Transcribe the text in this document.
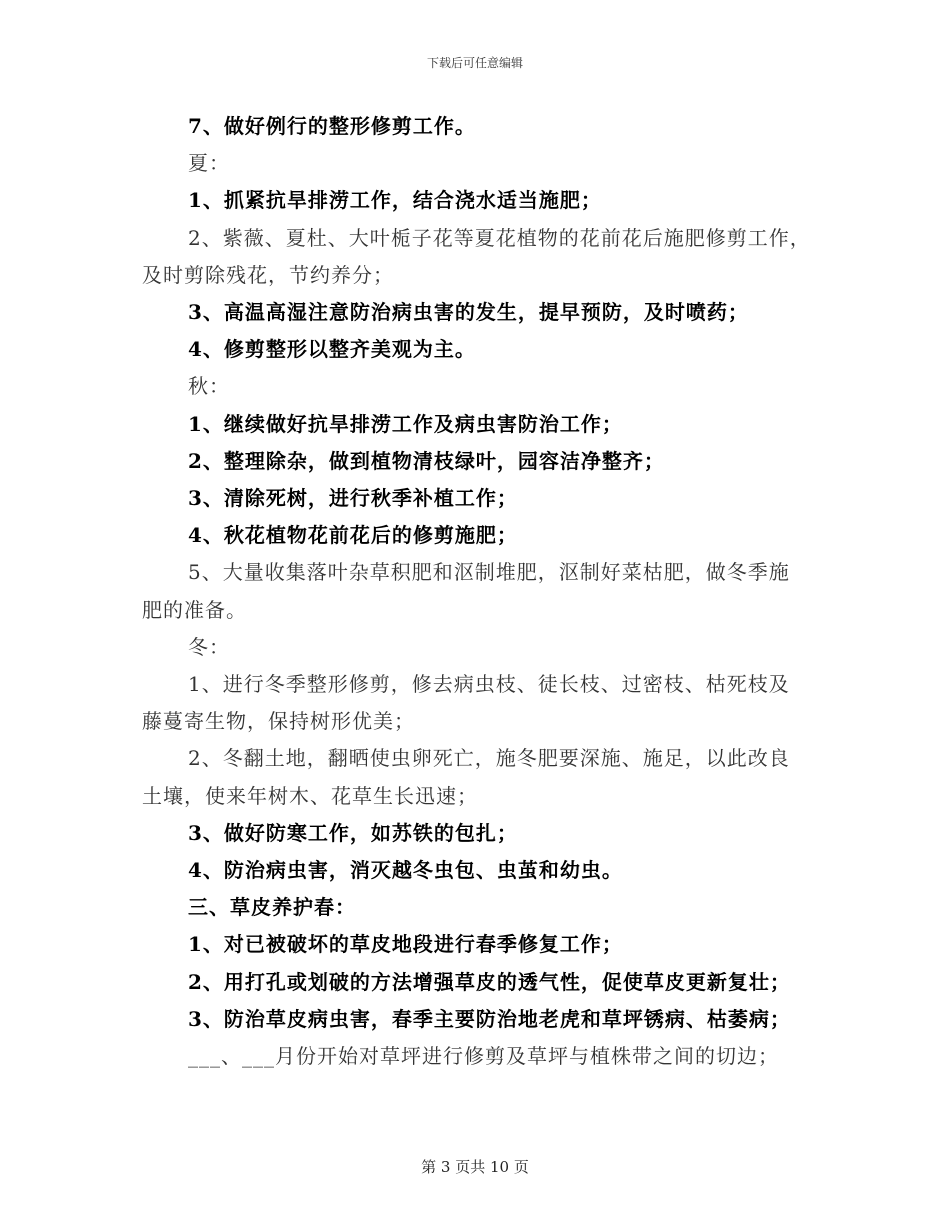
下载后可任意编辑
7、做好例行的整形修剪工作。
夏：
1、抓紧抗旱排涝工作，结合浇水适当施肥；
2、紫薇、夏杜、大叶栀子花等夏花植物的花前花后施肥修剪工作，
及时剪除残花，节约养分；
3、高温高湿注意防治病虫害的发生，提早预防，及时喷药；
4、修剪整形以整齐美观为主。
秋：
1、继续做好抗旱排涝工作及病虫害防治工作；
2、整理除杂，做到植物清枝绿叶，园容洁净整齐；
3、清除死树，进行秋季补植工作；
4、秋花植物花前花后的修剪施肥；
5、大量收集落叶杂草积肥和沤制堆肥，沤制好菜枯肥，做冬季施
肥的准备。
冬：
1、进行冬季整形修剪，修去病虫枝、徒长枝、过密枝、枯死枝及
藤蔓寄生物，保持树形优美；
2、冬翻土地，翻晒使虫卵死亡，施冬肥要深施、施足，以此改良
土壤，使来年树木、花草生长迅速；
3、做好防寒工作，如苏铁的包扎；
4、防治病虫害，消灭越冬虫包、虫茧和幼虫。
三、草皮养护春：
1、对已被破坏的草皮地段进行春季修复工作；
2、用打孔或划破的方法增强草皮的透气性，促使草皮更新复壮；
3、防治草皮病虫害，春季主要防治地老虎和草坪锈病、枯萎病；
___、___月份开始对草坪进行修剪及草坪与植株带之间的切边；
第 3 页共 10 页
